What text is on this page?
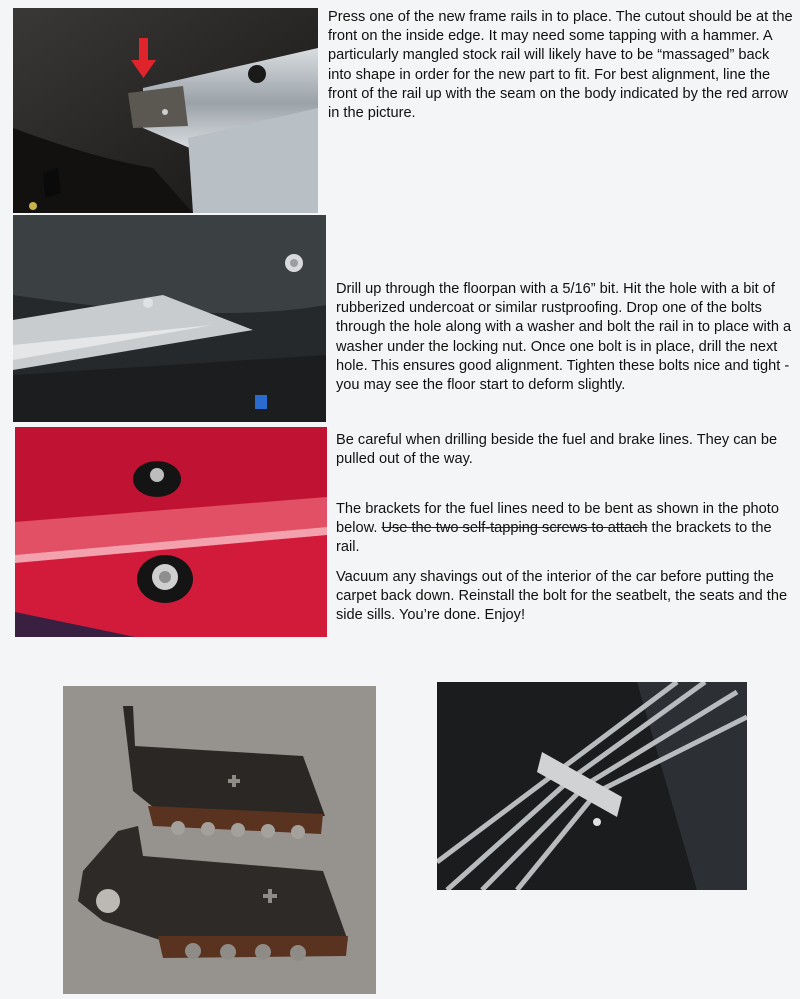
Press one of the new frame rails in to place. The cutout should be at the front on the inside edge. It may need some tapping with a hammer. A particularly mangled stock rail will likely have to be “massaged” back into shape in order for the new part to fit. For best alignment, line the front of the rail up with the seam on the body indicated by the red arrow in the picture.

Drill up through the floorpan with a 5/16” bit. Hit the hole with a bit of rubberized undercoat or similar rustproofing. Drop one of the bolts through the hole along with a washer and bolt the rail in to place with a washer under the locking nut. Once one bolt is in place, drill the next hole. This ensures good alignment. Tighten these bolts nice and tight - you may see the floor start to deform slightly.

Be careful when drilling beside the fuel and brake lines. They can be pulled out of the way.

The brackets for the fuel lines need to be bent as shown in the photo below. Use the two self-tapping screws to attach the brackets to the rail.

Vacuum any shavings out of the interior of the car before putting the carpet back down. Reinstall the bolt for the seatbelt, the seats and the side sills. You’re done. Enjoy!
